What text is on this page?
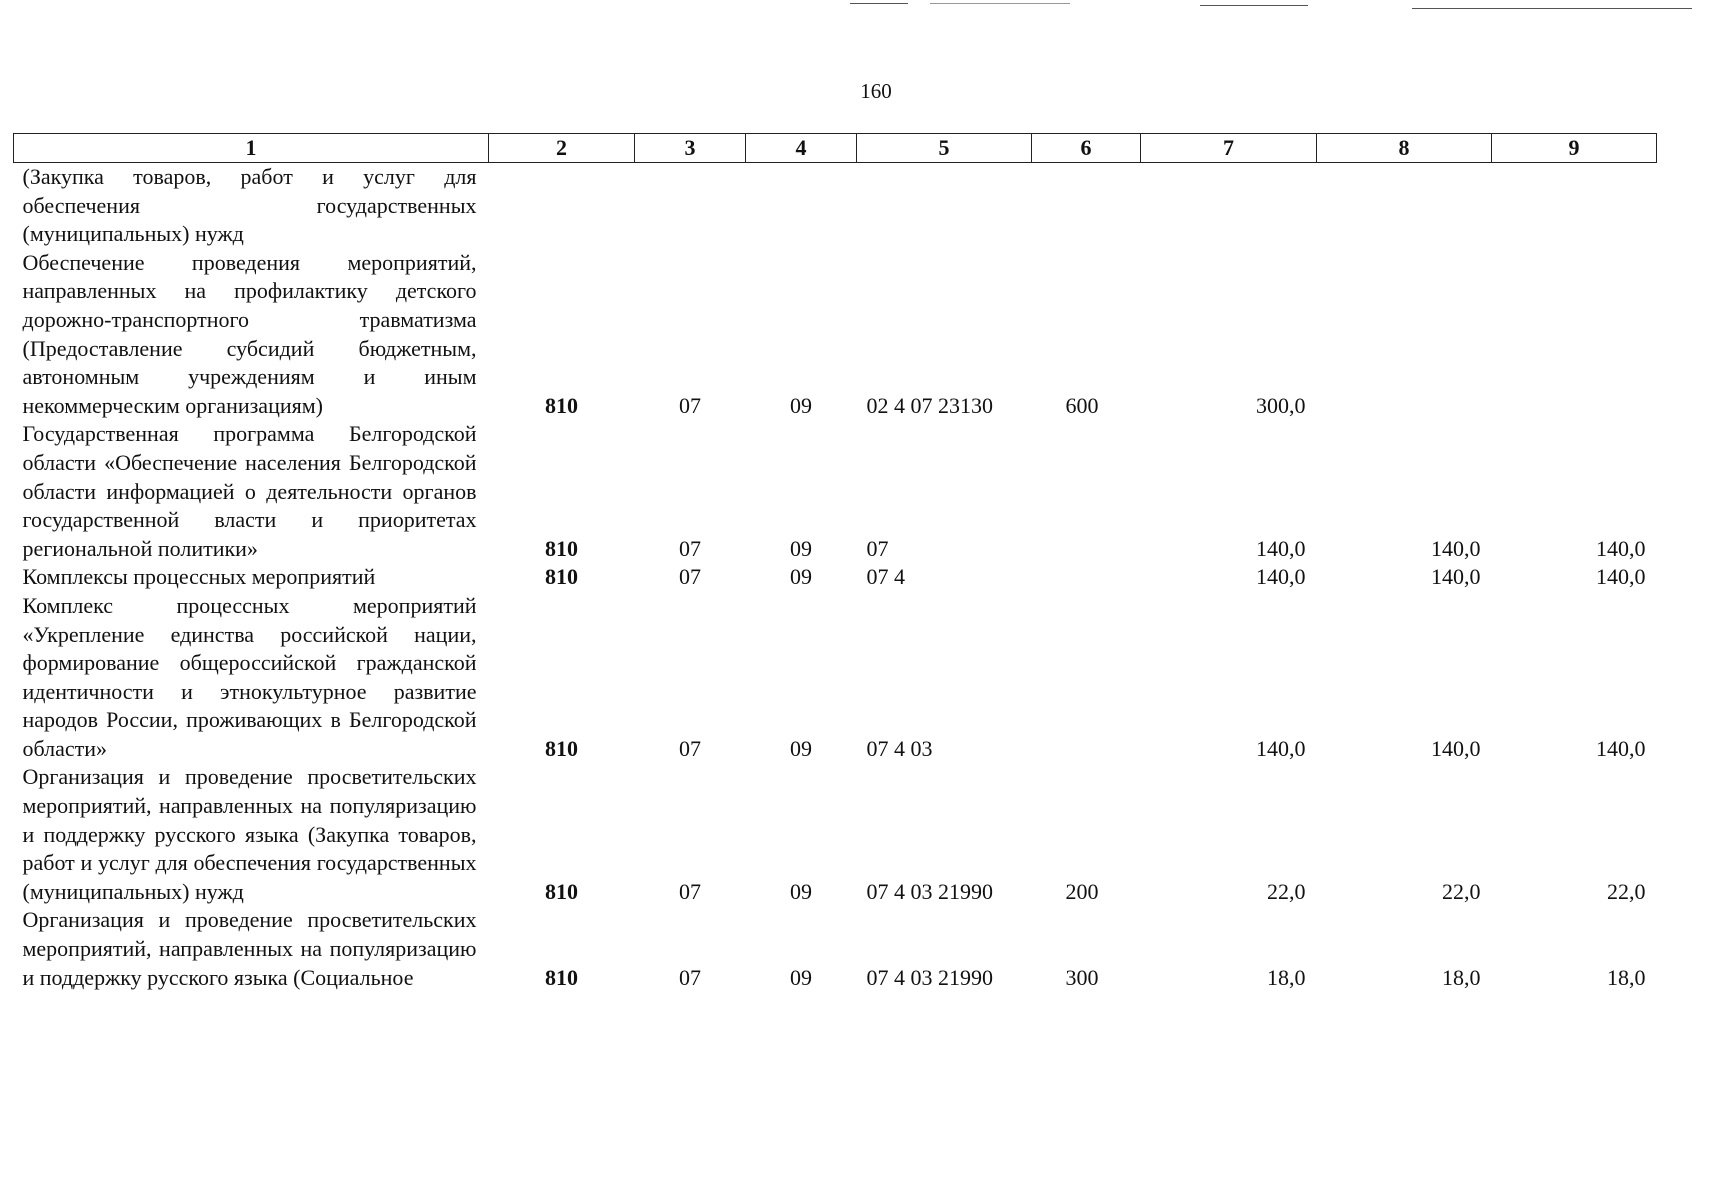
160
1	2	3	4	5	6	7	8	9
(Закупка товаров, работ и услуг для обеспечения государственных (муниципальных) нужд								
Обеспечение проведения мероприятий, направленных на профилактику детского дорожно-транспортного травматизма (Предоставление субсидий бюджетным, автономным учреждениям и иным некоммерческим организациям)	810	07	09	02 4 07 23130	600	300,0		
Государственная программа Белгородской области «Обеспечение населения Белгородской области информацией о деятельности органов государственной власти и приоритетах региональной политики»	810	07	09	07		140,0	140,0	140,0
Комплексы процессных мероприятий	810	07	09	07 4		140,0	140,0	140,0
Комплекс процессных мероприятий «Укрепление единства российской нации, формирование общероссийской гражданской идентичности и этнокультурное развитие народов России, проживающих в Белгородской области»	810	07	09	07 4 03		140,0	140,0	140,0
Организация и проведение просветительских мероприятий, направленных на популяризацию и поддержку русского языка (Закупка товаров, работ и услуг для обеспечения государственных (муниципальных) нужд	810	07	09	07 4 03 21990	200	22,0	22,0	22,0
Организация и проведение просветительских мероприятий, направленных на популяризацию и поддержку русского языка (Социальное	810	07	09	07 4 03 21990	300	18,0	18,0	18,0
